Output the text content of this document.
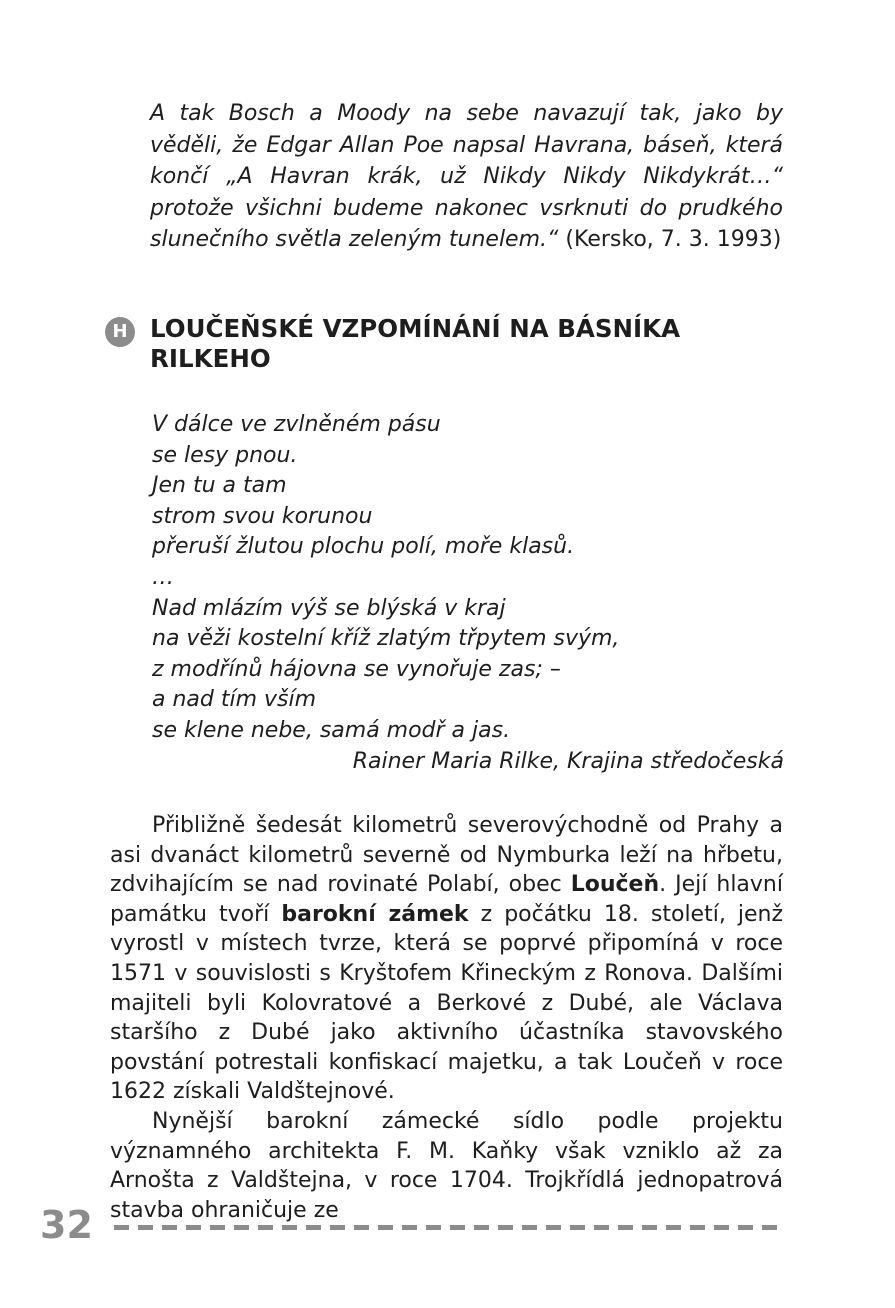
A tak Bosch a Moody na sebe navazují tak, jako by věděli, že Edgar Allan Poe napsal Havrana, báseň, která končí „A Havran krák, už Nikdy Nikdy Nikdykrát…“ protože všichni budeme nakonec vsrknuti do prudkého slunečního světla zeleným tunelem.“ (Kersko, 7. 3. 1993)
H LOUČEŇSKÉ VZPOMÍNÁNÍ NA BÁSNÍKA
RILKEHO
V dálce ve zvlněném pásu
se lesy pnou.
Jen tu a tam
strom svou korunou
přeruší žlutou plochu polí, moře klasů.
…
Nad mlázím výš se blýská v kraj
na věži kostelní kříž zlatým třpytem svým,
z modřínů hájovna se vynořuje zas; –
a nad tím vším
se klene nebe, samá modř a jas.
Rainer Maria Rilke, Krajina středočeská

Přibližně šedesát kilometrů severovýchodně od Prahy a asi dvanáct kilometrů severně od Nymburka leží na hřbetu, zdvihajícím se nad rovinaté Polabí, obec Loučeň. Její hlavní památku tvoří barokní zámek z počátku 18. století, jenž vyrostl v místech tvrze, která se poprvé připomíná v roce 1571 v souvislosti s Kryštofem Křineckým z Ronova. Dalšími majiteli byli Kolovratové a Berkové z Dubé, ale Václava staršího z Dubé jako aktivního účastníka stavovského povstání potrestali konfiskací majetku, a tak Loučeň v roce 1622 získali Valdštejnové.

Nynější barokní zámecké sídlo podle projektu významného architekta F. M. Kaňky však vzniklo až za Arnošta z Valdštejna, v roce 1704. Trojkřídlá jednopatrová stavba ohraničuje ze

32
